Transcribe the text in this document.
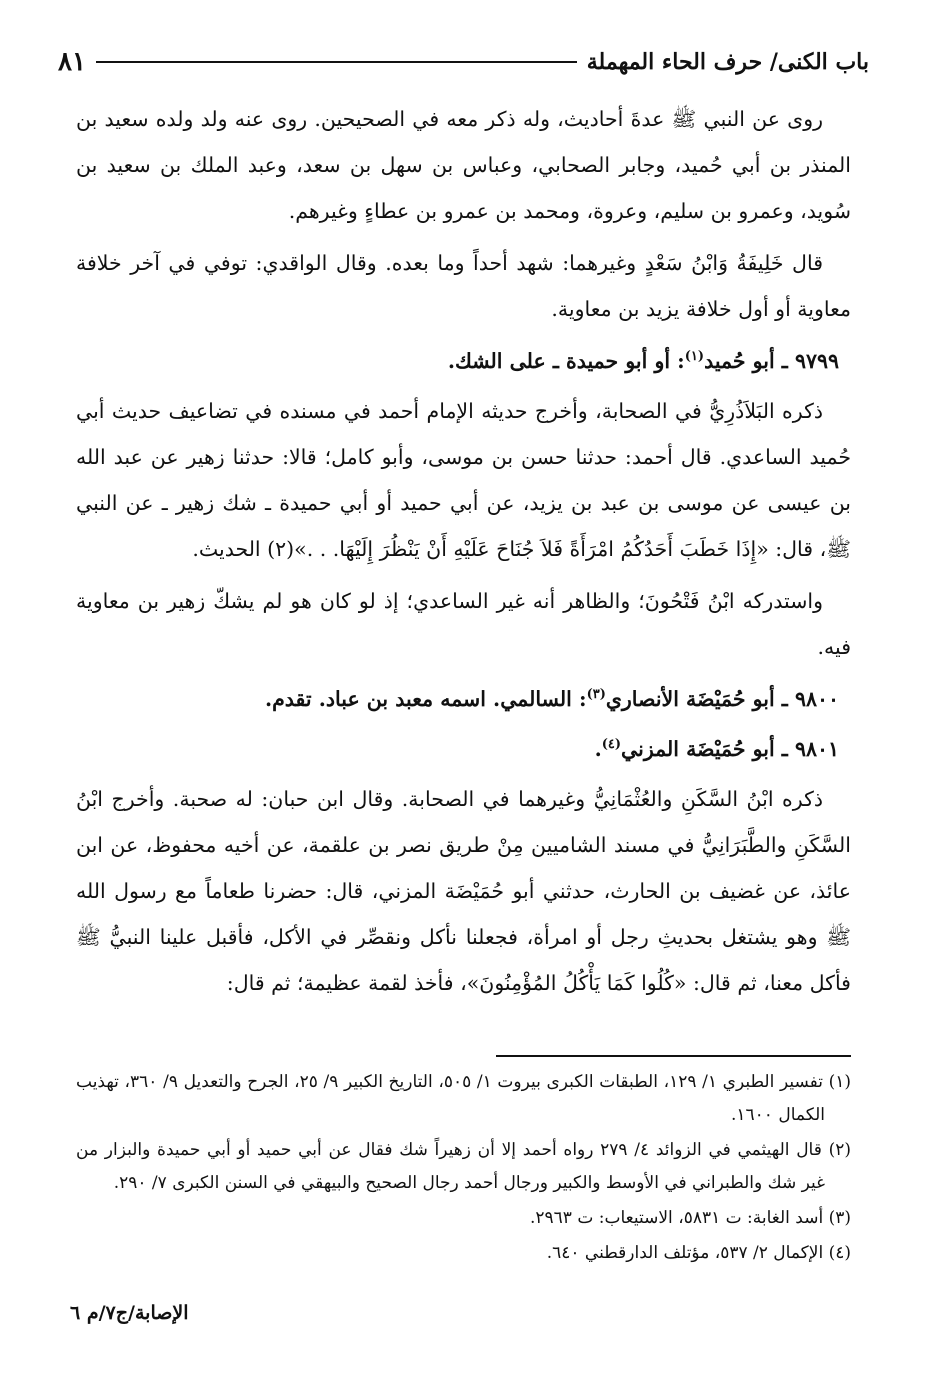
باب الكنى/ حرف الحاء المهملة
٨١

روى عن النبي ﷺ عدةَ أحاديث، وله ذكر معه في الصحيحين. روى عنه ولد ولده سعيد بن المنذر بن أبي حُميد، وجابر الصحابي، وعباس بن سهل بن سعد، وعبد الملك بن سعيد بن سُويد، وعمرو بن سليم، وعروة، ومحمد بن عمرو بن عطاءٍ وغيرهم.

قال خَلِيفَةُ وَابْنُ سَعْدٍ وغيرهما: شهد أحداً وما بعده. وقال الواقدي: توفي في آخر خلافة معاوية أو أول خلافة يزيد بن معاوية.

٩٧٩٩ ـ أبو حُميد$^{(١)}$: أو أبو حميدة ـ على الشك.

ذكره البَلاَذُرِيُّ في الصحابة، وأخرج حديثه الإمام أحمد في مسنده في تضاعيف حديث أبي حُميد الساعدي. قال أحمد: حدثنا حسن بن موسى، وأبو كامل؛ قالا: حدثنا زهير عن عبد الله بن عيسى عن موسى بن عبد بن يزيد، عن أبي حميد أو أبي حميدة ـ شك زهير ـ عن النبي ﷺ، قال: «إِذَا خَطَبَ أَحَدُكُمُ امْرَأَةً فَلاَ جُنَاحَ عَلَيْهِ أَنْ يَنْظُرَ إِلَيْهَا. . .»(٢) الحديث.

واستدركه ابْنُ فَتْحُونَ؛ والظاهر أنه غير الساعدي؛ إذ لو كان هو لم يشكّ زهير بن معاوية فيه.

٩٨٠٠ ـ أبو حُمَيْضَة الأنصاري$^{(٣)}$: السالمي. اسمه معبد بن عباد. تقدم.

٩٨٠١ ـ أبو حُمَيْضَة المزني$^{(٤)}$.

ذكره ابْنُ السَّكَنِ والعُثْمَانِيُّ وغيرهما في الصحابة. وقال ابن حبان: له صحبة. وأخرج ابْنُ السَّكَنِ والطَّبَرَانِيُّ في مسند الشاميين مِنْ طريق نصر بن علقمة، عن أخيه محفوظ، عن ابن عائذ، عن غضيف بن الحارث، حدثني أبو حُمَيْضَة المزني، قال: حضرنا طعاماً مع رسول الله ﷺ وهو يشتغل بحديثِ رجل أو امرأة، فجعلنا نأكل ونقصِّر في الأكل، فأقبل علينا النبيُّ ﷺ فأكل معنا، ثم قال: «كُلُوا كَمَا يَأْكُلُ المُؤْمِنُونَ»، فأخذ لقمة عظيمة؛ ثم قال:

(١) تفسير الطبري ١/ ١٢٩، الطبقات الكبرى بيروت ١/ ٥٠٥، التاريخ الكبير ٩/ ٢٥، الجرح والتعديل ٩/ ٣٦٠، تهذيب الكمال ١٦٠٠.

(٢) قال الهيثمي في الزوائد ٤/ ٢٧٩ رواه أحمد إلا أن زهيراً شك فقال عن أبي حميد أو أبي حميدة والبزار من غير شك والطبراني في الأوسط والكبير ورجال أحمد رجال الصحيح والبيهقي في السنن الكبرى ٧/ ٢٩٠.

(٣) أسد الغابة: ت ٥٨٣١، الاستيعاب: ت ٢٩٦٣.

(٤) الإكمال ٢/ ٥٣٧، مؤتلف الدارقطني ٦٤٠.

الإصابة/ج٧/م ٦
